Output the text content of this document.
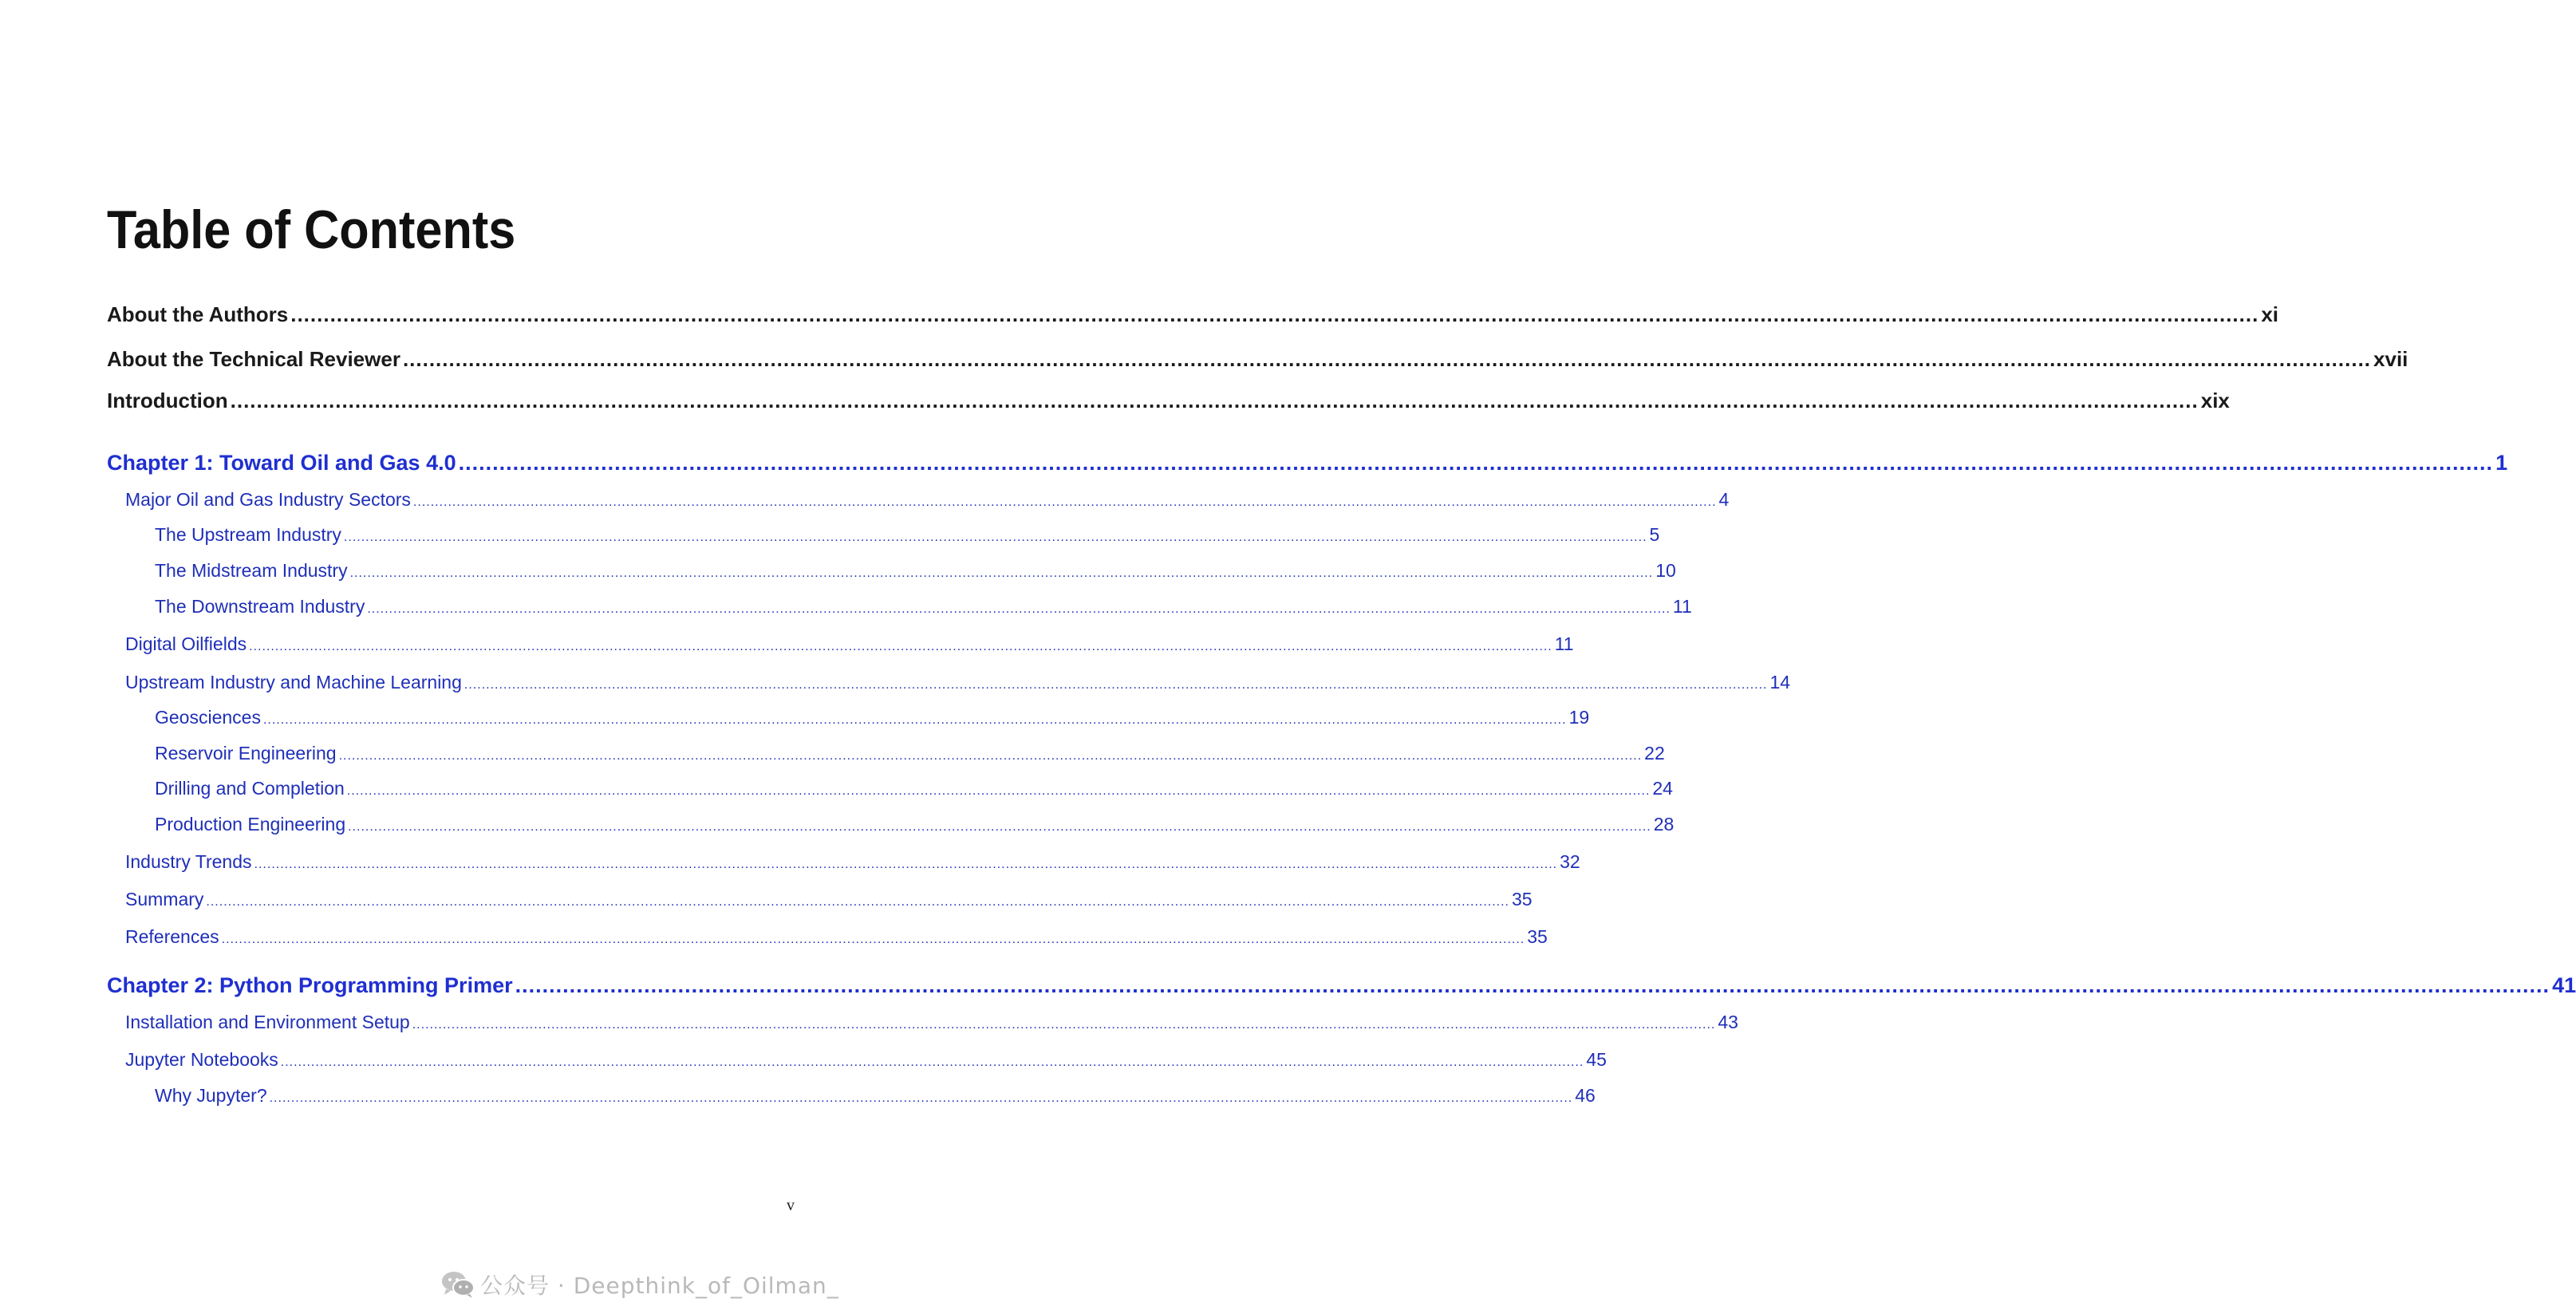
Table of Contents
About the Authors ............................................................................................................................................................................................................................................................................................................ xi
About the Technical Reviewer ............................................................................................................................................................................................................................................................................................................ xvii
Introduction ............................................................................................................................................................................................................................................................................................................ xix
Chapter 1: Toward Oil and Gas 4.0 ............................................................................................................................................................................................................................................................................................................ 1
Major Oil and Gas Industry Sectors ............................................................................................................................................................................................................................................................................................................ 4
The Upstream Industry ............................................................................................................................................................................................................................................................................................................ 5
The Midstream Industry ............................................................................................................................................................................................................................................................................................................ 10
The Downstream Industry ............................................................................................................................................................................................................................................................................................................ 11
Digital Oilfields ............................................................................................................................................................................................................................................................................................................ 11
Upstream Industry and Machine Learning ............................................................................................................................................................................................................................................................................................................ 14
Geosciences ............................................................................................................................................................................................................................................................................................................ 19
Reservoir Engineering ............................................................................................................................................................................................................................................................................................................ 22
Drilling and Completion ............................................................................................................................................................................................................................................................................................................ 24
Production Engineering ............................................................................................................................................................................................................................................................................................................ 28
Industry Trends ............................................................................................................................................................................................................................................................................................................ 32
Summary ............................................................................................................................................................................................................................................................................................................ 35
References ............................................................................................................................................................................................................................................................................................................ 35
Chapter 2: Python Programming Primer ............................................................................................................................................................................................................................................................................................................ 41
Installation and Environment Setup ............................................................................................................................................................................................................................................................................................................ 43
Jupyter Notebooks ............................................................................................................................................................................................................................................................................................................ 45
Why Jupyter? ............................................................................................................................................................................................................................................................................................................ 46

v

公众号 · Deepthink_of_Oilman_
